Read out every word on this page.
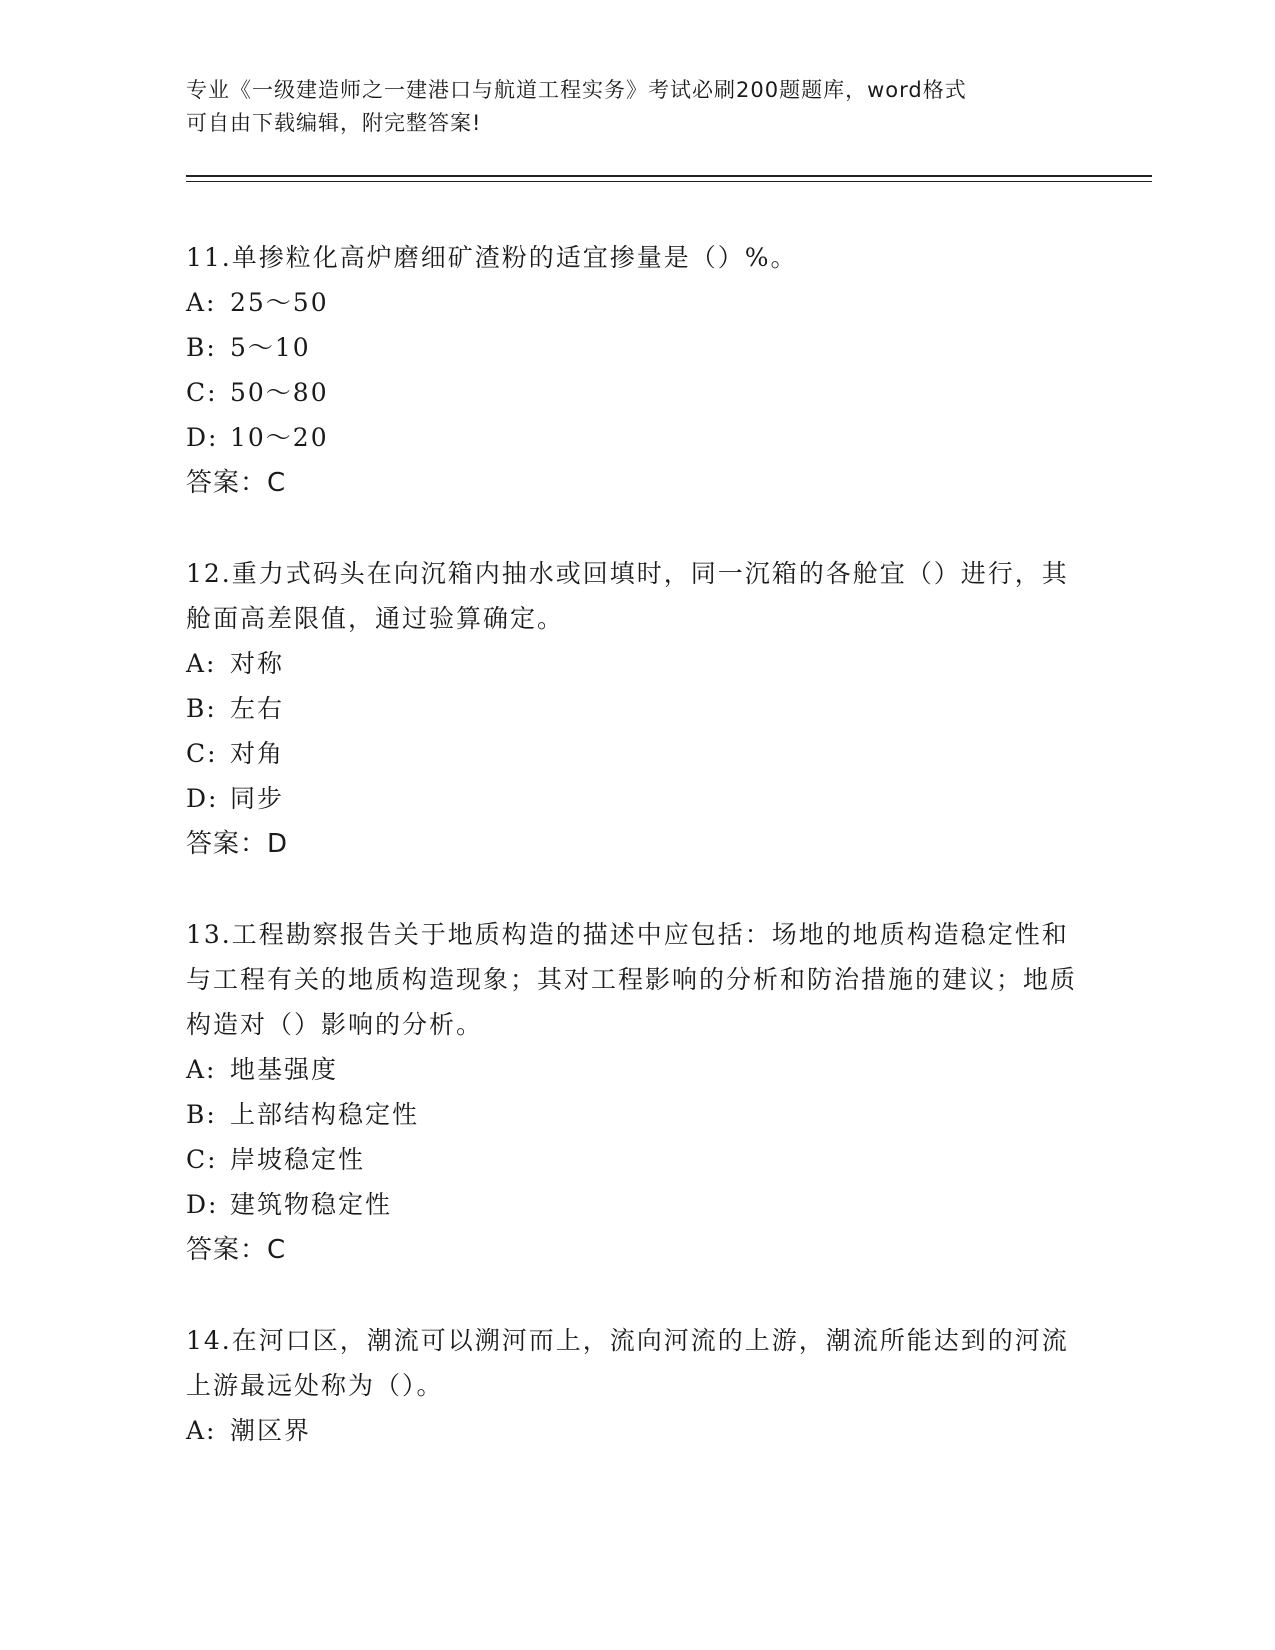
专业《一级建造师之一建港口与航道工程实务》考试必刷200题题库，word格式
可自由下载编辑，附完整答案!

11.单掺粒化高炉磨细矿渣粉的适宜掺量是（）%。

A: 25～50
B: 5～10
C: 50～80
D: 10～20

答案：C

12.重力式码头在向沉箱内抽水或回填时，同一沉箱的各舱宜（）进行，其舱面高差限值，通过验算确定。

A: 对称
B: 左右
C: 对角
D: 同步

答案：D

13.工程勘察报告关于地质构造的描述中应包括：场地的地质构造稳定性和与工程有关的地质构造现象；其对工程影响的分析和防治措施的建议；地质构造对（）影响的分析。

A: 地基强度
B: 上部结构稳定性
C: 岸坡稳定性
D: 建筑物稳定性

答案：C

14.在河口区，潮流可以溯河而上，流向河流的上游，潮流所能达到的河流上游最远处称为（）。

A: 潮区界
